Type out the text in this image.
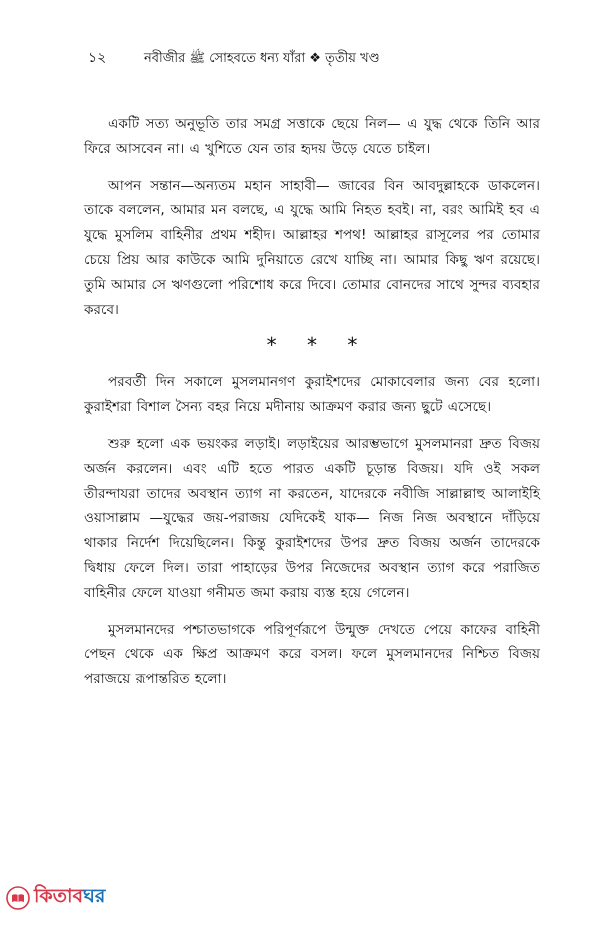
১২	নবীজীর ﷺ সোহবতে ধন্য যাঁরা ❖ তৃতীয় খণ্ড

একটি সত্য অনুভূতি তার সমগ্র সত্তাকে ছেয়ে নিল— এ যুদ্ধ থেকে তিনি আর ফিরে আসবেন না। এ খুশিতে যেন তার হৃদয় উড়ে যেতে চাইল।

আপন সন্তান—অন্যতম মহান সাহাবী— জাবের বিন আবদুল্লাহকে ডাকলেন। তাকে বললেন, আমার মন বলছে, এ যুদ্ধে আমি নিহত হবই। না, বরং আমিই হব এ যুদ্ধে মুসলিম বাহিনীর প্রথম শহীদ। আল্লাহর শপথ! আল্লাহর রাসূলের পর তোমার চেয়ে প্রিয় আর কাউকে আমি দুনিয়াতে রেখে যাচ্ছি না। আমার কিছু ঋণ রয়েছে। তুমি আমার সে ঋণগুলো পরিশোধ করে দিবে। তোমার বোনদের সাথে সুন্দর ব্যবহার করবে।

* * *

পরবর্তী দিন সকালে মুসলমানগণ কুরাইশদের মোকাবেলার জন্য বের হলো। কুরাইশরা বিশাল সৈন্য বহর নিয়ে মদীনায় আক্রমণ করার জন্য ছুটে এসেছে।

শুরু হলো এক ভয়ংকর লড়াই। লড়াইয়ের আরম্ভভাগে মুসলমানরা দ্রুত বিজয় অর্জন করলেন। এবং এটি হতে পারত একটি চূড়ান্ত বিজয়। যদি ওই সকল তীরন্দাযরা তাদের অবস্থান ত্যাগ না করতেন, যাদেরকে নবীজি সাল্লাল্লাহু আলাইহি ওয়াসাল্লাম —যুদ্ধের জয়-পরাজয় যেদিকেই যাক— নিজ নিজ অবস্থানে দাঁড়িয়ে থাকার নির্দেশ দিয়েছিলেন। কিন্তু কুরাইশদের উপর দ্রুত বিজয় অর্জন তাদেরকে দ্বিধায় ফেলে দিল। তারা পাহাড়ের উপর নিজেদের অবস্থান ত্যাগ করে পরাজিত বাহিনীর ফেলে যাওয়া গনীমত জমা করায় ব্যস্ত হয়ে গেলেন।

মুসলমানদের পশ্চাতভাগকে পরিপূর্ণরূপে উন্মুক্ত দেখতে পেয়ে কাফের বাহিনী পেছন থেকে এক ক্ষিপ্র আক্রমণ করে বসল। ফলে মুসলমানদের নিশ্চিত বিজয় পরাজয়ে রূপান্তরিত হলো।

কিতাবঘর
